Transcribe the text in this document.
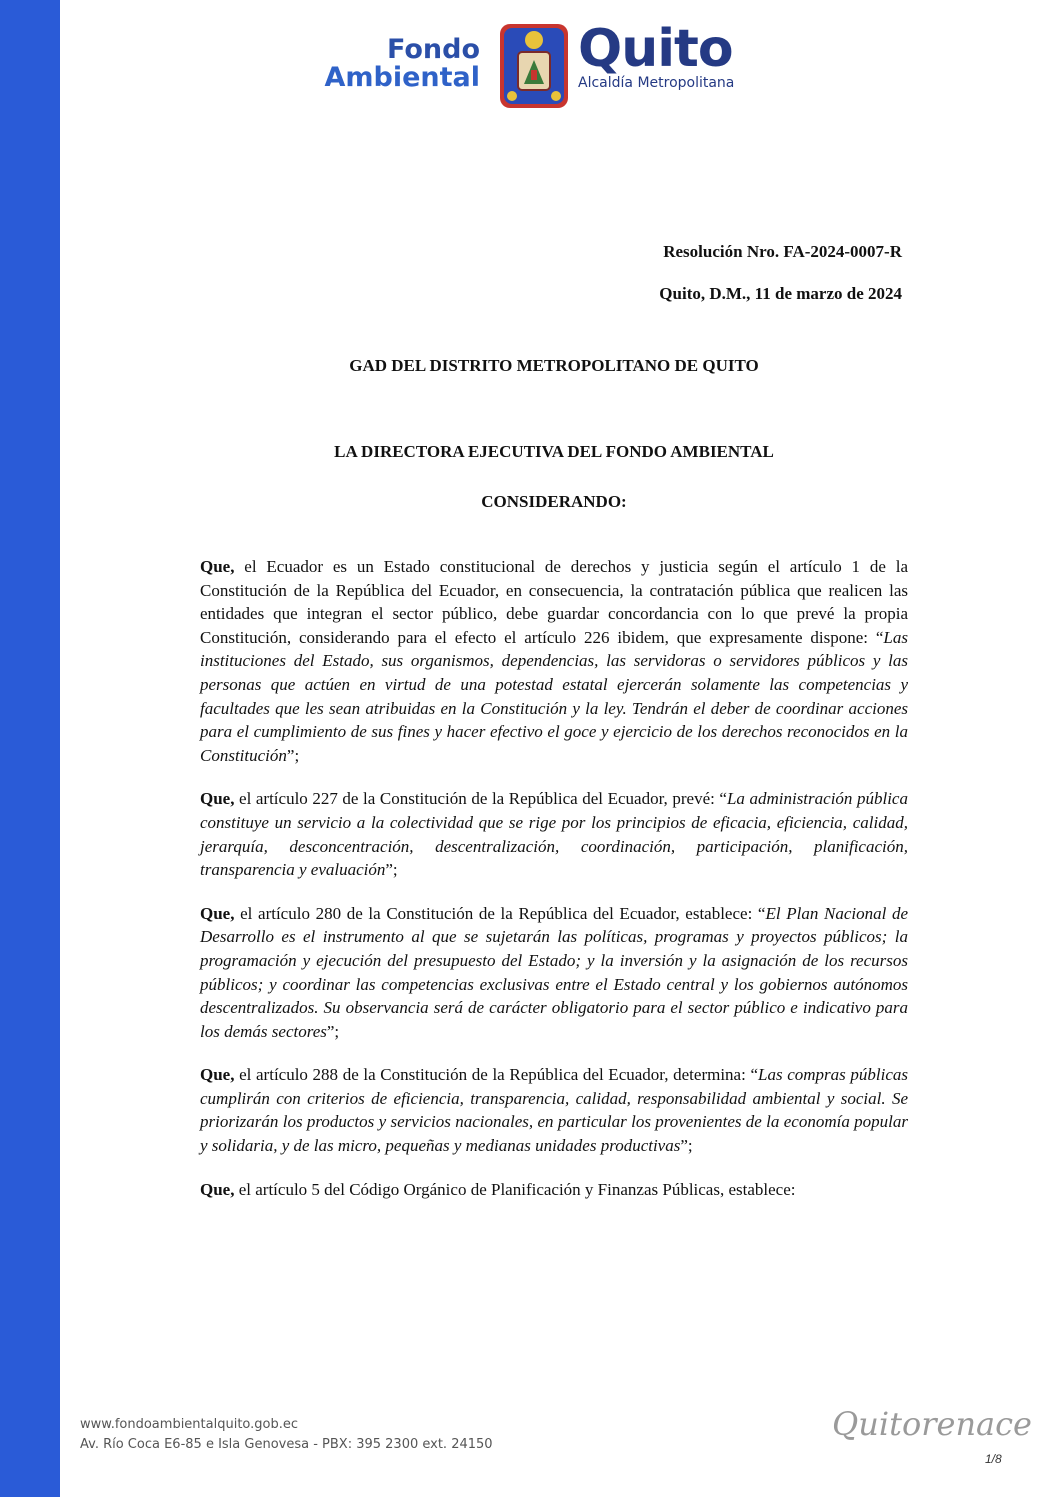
Fondo
Ambiental Quito
Alcaldía Metropolitana
Resolución Nro. FA-2024-0007-R
Quito, D.M., 11 de marzo de 2024
GAD DEL DISTRITO METROPOLITANO DE QUITO
LA DIRECTORA EJECUTIVA DEL FONDO AMBIENTAL
CONSIDERANDO:

Que, el Ecuador es un Estado constitucional de derechos y justicia según el artículo 1 de la Constitución de la República del Ecuador, en consecuencia, la contratación pública que realicen las entidades que integran el sector público, debe guardar concordancia con lo que prevé la propia Constitución, considerando para el efecto el artículo 226 ibidem, que expresamente dispone: “Las instituciones del Estado, sus organismos, dependencias, las servidoras o servidores públicos y las personas que actúen en virtud de una potestad estatal ejercerán solamente las competencias y facultades que les sean atribuidas en la Constitución y la ley. Tendrán el deber de coordinar acciones para el cumplimiento de sus fines y hacer efectivo el goce y ejercicio de los derechos reconocidos en la Constitución”;

Que, el artículo 227 de la Constitución de la República del Ecuador, prevé: “La administración pública constituye un servicio a la colectividad que se rige por los principios de eficacia, eficiencia, calidad, jerarquía, desconcentración, descentralización, coordinación, participación, planificación, transparencia y evaluación”;

Que, el artículo 280 de la Constitución de la República del Ecuador, establece: “El Plan Nacional de Desarrollo es el instrumento al que se sujetarán las políticas, programas y proyectos públicos; la programación y ejecución del presupuesto del Estado; y la inversión y la asignación de los recursos públicos; y coordinar las competencias exclusivas entre el Estado central y los gobiernos autónomos descentralizados. Su observancia será de carácter obligatorio para el sector público e indicativo para los demás sectores”;

Que, el artículo 288 de la Constitución de la República del Ecuador, determina: “Las compras públicas cumplirán con criterios de eficiencia, transparencia, calidad, responsabilidad ambiental y social. Se priorizarán los productos y servicios nacionales, en particular los provenientes de la economía popular y solidaria, y de las micro, pequeñas y medianas unidades productivas”;

Que, el artículo 5 del Código Orgánico de Planificación y Finanzas Públicas, establece:

www.fondoambientalquito.gob.ec
Av. Río Coca E6-85 e Isla Genovesa - PBX: 395 2300 ext. 24150
Quitorenace
1/8
